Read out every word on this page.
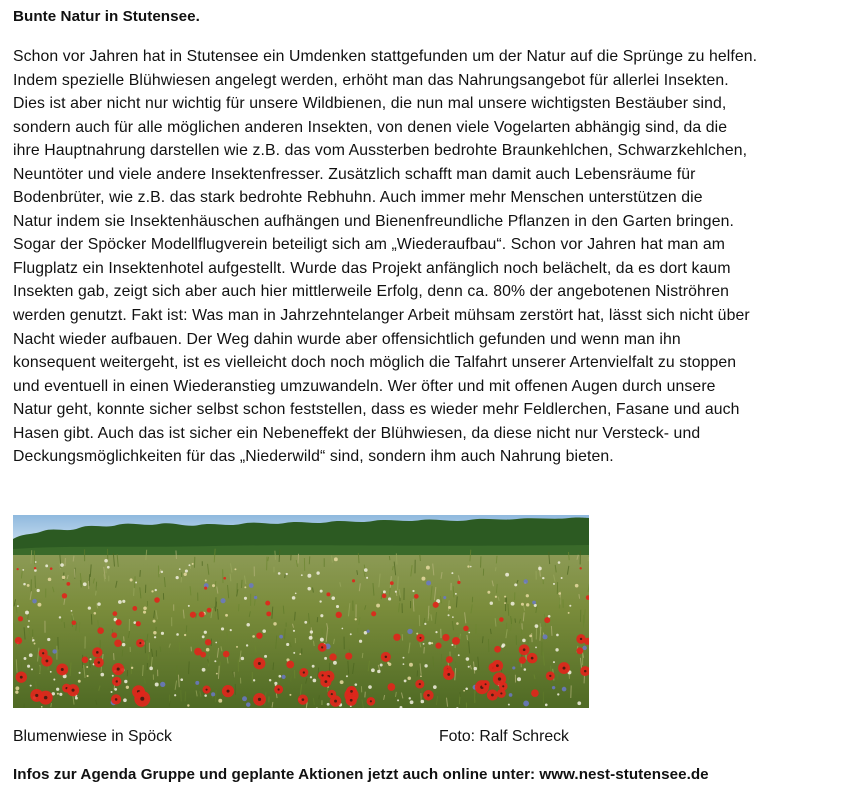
Bunte Natur in Stutensee.
Schon vor Jahren hat in Stutensee ein Umdenken stattgefunden um der Natur auf die Sprünge zu helfen.
Indem spezielle Blühwiesen angelegt werden, erhöht man das Nahrungsangebot für allerlei Insekten.
Dies ist aber nicht nur wichtig für unsere Wildbienen, die nun mal unsere wichtigsten Bestäuber sind,
sondern auch für alle möglichen anderen Insekten, von denen viele Vogelarten abhängig sind, da die
ihre Hauptnahrung darstellen wie z.B. das vom Aussterben bedrohte Braunkehlchen, Schwarzkehlchen,
Neuntöter und viele andere Insektenfresser. Zusätzlich schafft man damit auch Lebensräume für
Bodenbrüter, wie z.B. das stark bedrohte Rebhuhn. Auch immer mehr Menschen unterstützen die
Natur indem sie Insektenhäuschen aufhängen und Bienenfreundliche Pflanzen in den Garten bringen.
Sogar der Spöcker Modellflugverein beteiligt sich am „Wiederaufbau“. Schon vor Jahren hat man am
Flugplatz ein Insektenhotel aufgestellt. Wurde das Projekt anfänglich noch belächelt, da es dort kaum
Insekten gab, zeigt sich aber auch hier mittlerweile Erfolg, denn ca. 80% der angebotenen Niströhren
werden genutzt. Fakt ist: Was man in Jahrzehntelanger Arbeit mühsam zerstört hat, lässt sich nicht über
Nacht wieder aufbauen. Der Weg dahin wurde aber offensichtlich gefunden und wenn man ihn
konsequent weitergeht, ist es vielleicht doch noch möglich die Talfahrt unserer Artenvielfalt zu stoppen
und eventuell in einen Wiederanstieg umzuwandeln. Wer öfter und mit offenen Augen durch unsere
Natur geht, konnte sicher selbst schon feststellen, dass es wieder mehr Feldlerchen, Fasane und auch
Hasen gibt. Auch das ist sicher ein Nebeneffekt der Blühwiesen, da diese nicht nur Versteck- und
Deckungsmöglichkeiten für das „Niederwild“ sind, sondern ihm auch Nahrung bieten.
Blumenwiese in Spöck	Foto: Ralf Schreck
Infos zur Agenda Gruppe und geplante Aktionen jetzt auch online unter: www.nest-stutensee.de
